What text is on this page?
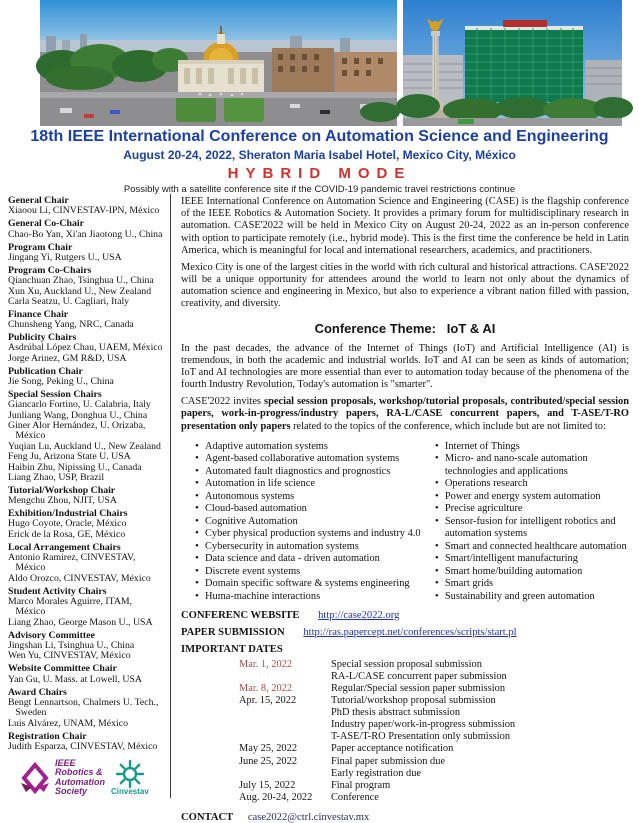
18th IEEE International Conference on Automation Science and Engineering
August 20-24, 2022, Sheraton Maria Isabel Hotel, Mexico City, México
HYBRID MODE
Possibly with a satellite conference site if the COVID-19 pandemic travel restrictions continue
General Chair
Xiaoou Li, CINVESTAV-IPN, México
General Co-Chair
Chao-Bo Yan, Xi'an Jiaotong U., China
Program Chair
Jingang Yi, Rutgers U., USA
Program Co-Chairs
Qianchuan Zhao, Tsinghua U., China
Xun Xu, Auckland U., New Zealand
Carla Seatzu, U. Cagliari, Italy
Finance Chair
Chunsheng Yang, NRC, Canada
Publicity Chairs
Asdrúbal López Chau, UAEM, México
Jorge Arinez, GM R&D, USA
Publication Chair
Jie Song, Peking U., China
Special Session Chairs
Giancarlo Fortino, U. Calabria, Italy
Junliang Wang, Donghua U., China
Giner Alor Hernández, U. Orizaba,
México
Yuqian Lu, Auckland U., New Zealand
Feng Ju, Arizona State U. USA
Haibin Zhu, Nipissing U., Canada
Liang Zhao, USP, Brazil
Tutorial/Workshop Chair
Mengchu Zhou, NJIT, USA
Exhibition/Industrial Chairs
Hugo Coyote, Oracle, México
Erick de la Rosa, GE, México
Local Arrangement Chairs
Antonio Ramirez, CINVESTAV,
México
Aldo Orozco, CINVESTAV, México
Student Activity Chairs
Marco Morales Aguirre, ITAM,
México
Liang Zhao, George Mason U., USA
Advisory Committee
Jingshan Li, Tsinghua U., China
Wen Yu, CINVESTAV, México
Website Committee Chair
Yan Gu, U. Mass. at Lowell, USA
Award Chairs
Bengt Lennartson, Chalmers U. Tech.,
Sweden
Luis Alvárez, UNAM, México
Registration Chair
Judith Esparza, CINVESTAV, México
IEEE
Robotics &
Automation
Society	Cinvestav

IEEE International Conference on Automation Science and Engineering (CASE) is the flagship conference of the IEEE Robotics & Automation Society. It provides a primary forum for multidisciplinary research in automation. CASE'2022 will be held in Mexico City on August 20-24, 2022 as an in-person conference with option to participate remotely (i.e., hybrid mode). This is the first time the conference be held in Latin America, which is meaningful for local and international researchers, academics, and practitioners.

Mexico City is one of the largest cities in the world with rich cultural and historical attractions. CASE'2022 will be a unique opportunity for attendees around the world to learn not only about the dynamics of automation science and engineering in Mexico, but also to experience a vibrant nation filled with passion, creativity, and diversity.

Conference Theme:   IoT & AI

In the past decades, the advance of the Internet of Things (IoT) and Artificial Intelligence (AI) is tremendous, in both the academic and industrial worlds. IoT and AI can be seen as kinds of automation; IoT and AI technologies are more essential than ever to automation today because of the phenomena of the fourth Industry Revolution, Today's automation is "smarter".

CASE'2022 invites special session proposals, workshop/tutorial proposals, contributed/special session papers, work-in-progress/industry papers, RA-L/CASE concurrent papers, and T-ASE/T-RO presentation only papers related to the topics of the conference, which include but are not limited to:

• Adaptive automation systems
• Agent-based collaborative automation systems
• Automated fault diagnostics and prognostics
• Automation in life science
• Autonomous systems
• Cloud-based automation
• Cognitive Automation
• Cyber physical production systems and industry 4.0
• Cybersecurity in automation systems
• Data science and data - driven automation
• Discrete event systems
• Domain specific software & systems engineering
• Huma-machine interactions
• Internet of Things
• Micro- and nano-scale automation technologies and applications
• Operations research
• Power and energy system automation
• Precise agriculture
• Sensor-fusion for intelligent robotics and automation systems
• Smart and connected healthcare automation
• Smart/intelligent manufacturing
• Smart home/building automation
• Smart grids
• Sustainability and green automation
CONFERENC WEBSITE http://case2022.org
PAPER SUBMISSION http://ras.papercept.net/conferences/scripts/start.pl
IMPORTANT DATES
Mar. 1, 2022	Special session proposal submission
RA-L/CASE concurrent paper submission
Mar. 8, 2022	Regular/Special session paper submission
Apr. 15, 2022	Tutorial/workshop proposal submission
PhD thesis abstract submission
Industry paper/work-in-progress submission
T-ASE/T-RO Presentation only submission
May 25, 2022	Paper acceptance notification
June 25, 2022	Final paper submission due
Early registration due
July 15, 2022	Final program
Aug. 20-24, 2022	Conference
CONTACT case2022@ctrl.cinvestav.mx
